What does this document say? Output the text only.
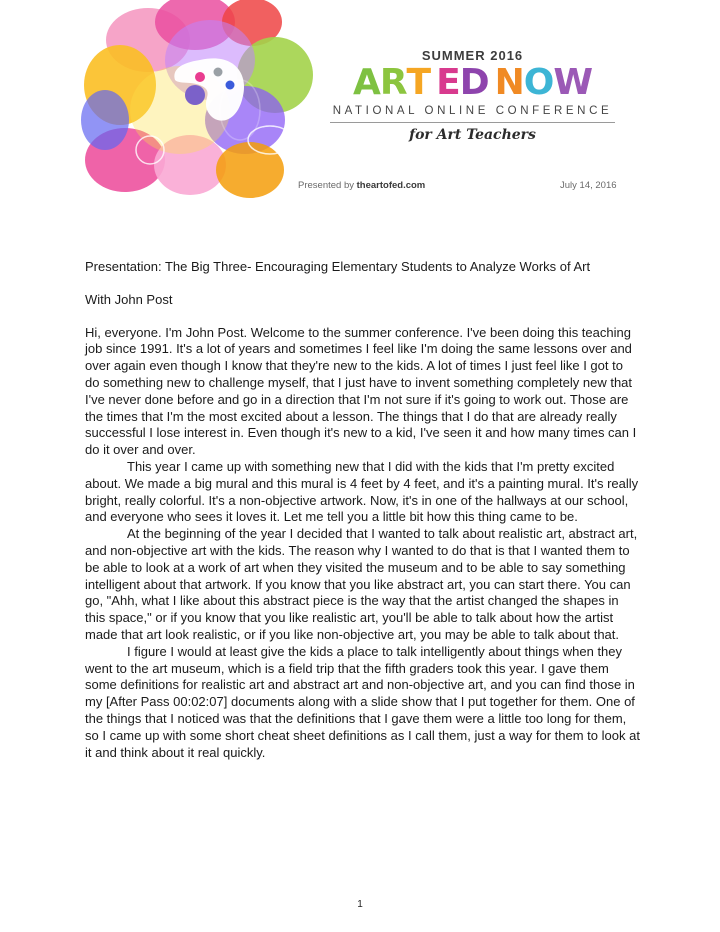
SUMMER 2016
ART ED NOW
NATIONAL ONLINE CONFERENCE
for Art Teachers
Presented by theartofed.com	July 14, 2016

Presentation: The Big Three- Encouraging Elementary Students to Analyze Works of Art

With John Post

Hi, everyone. I'm John Post. Welcome to the summer conference. I've been doing this teaching job since 1991. It's a lot of years and sometimes I feel like I'm doing the same lessons over and over again even though I know that they're new to the kids. A lot of times I just feel like I got to do something new to challenge myself, that I just have to invent something completely new that I've never done before and go in a direction that I'm not sure if it's going to work out. Those are the times that I'm the most excited about a lesson. The things that I do that are already really successful I lose interest in. Even though it's new to a kid, I've seen it and how many times can I do it over and over.

This year I came up with something new that I did with the kids that I'm pretty excited about. We made a big mural and this mural is 4 feet by 4 feet, and it's a painting mural. It's really bright, really colorful. It's a non-objective artwork. Now, it's in one of the hallways at our school, and everyone who sees it loves it. Let me tell you a little bit how this thing came to be.

At the beginning of the year I decided that I wanted to talk about realistic art, abstract art, and non-objective art with the kids. The reason why I wanted to do that is that I wanted them to be able to look at a work of art when they visited the museum and to be able to say something intelligent about that artwork. If you know that you like abstract art, you can start there. You can go, "Ahh, what I like about this abstract piece is the way that the artist changed the shapes in this space," or if you know that you like realistic art, you'll be able to talk about how the artist made that art look realistic, or if you like non-objective art, you may be able to talk about that.

I figure I would at least give the kids a place to talk intelligently about things when they went to the art museum, which is a field trip that the fifth graders took this year. I gave them some definitions for realistic art and abstract art and non-objective art, and you can find those in my [After Pass 00:02:07] documents along with a slide show that I put together for them. One of the things that I noticed was that the definitions that I gave them were a little too long for them, so I came up with some short cheat sheet definitions as I call them, just a way for them to look at it and think about it real quickly.

1
